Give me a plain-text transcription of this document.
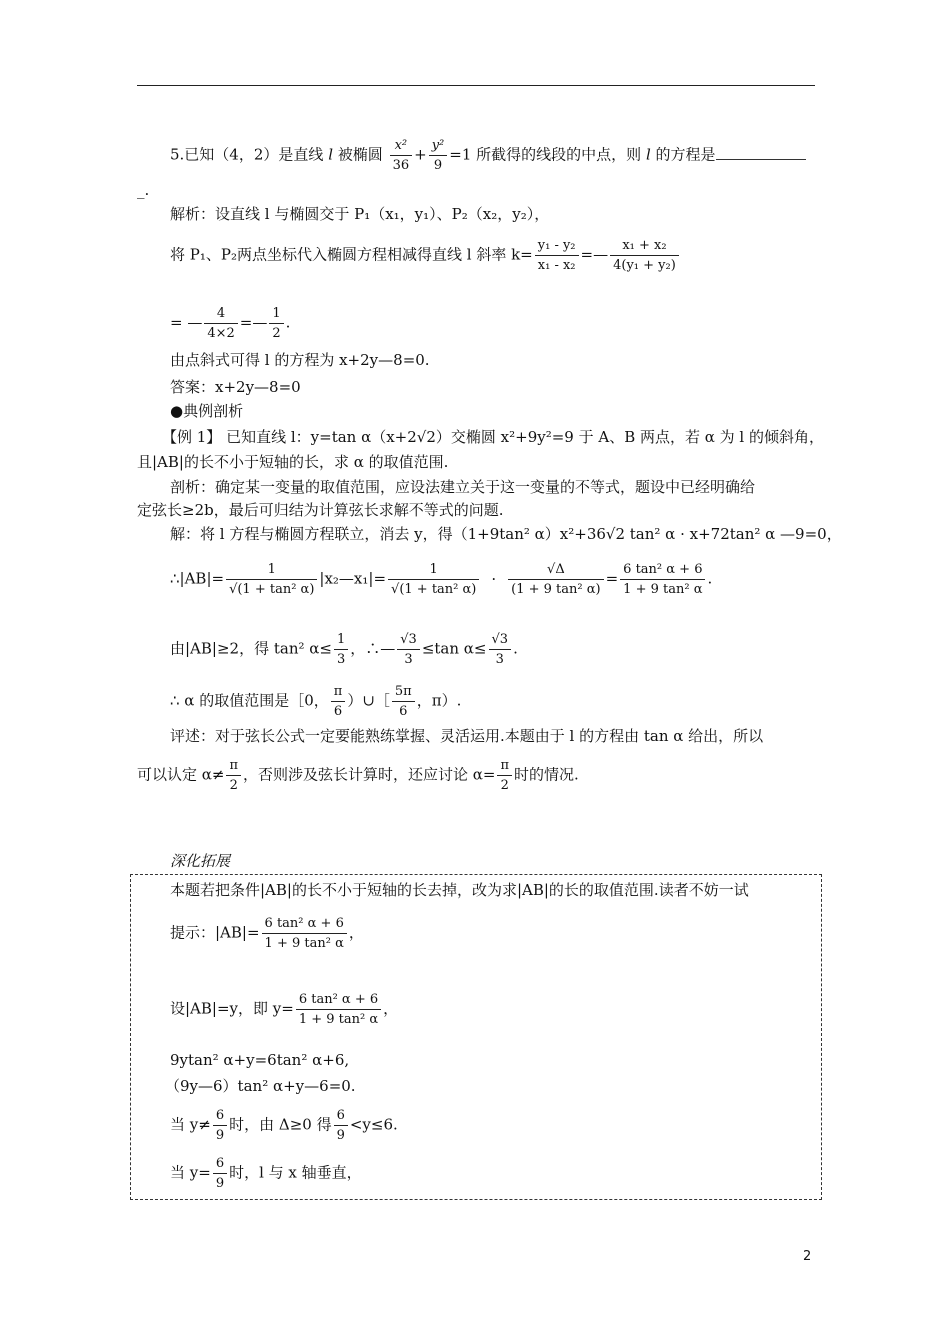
5.已知（4，2）是直线 l 被椭圆 $\frac{\text{x²}}{36} + \frac{\text{y²}}{9} =1$ 所截得的线段的中点，则 l 的方程是
_.
解析：设直线 l 与椭圆交于 P₁（x₁，y₁）、P₂（x₂，y₂），
将 P₁、P₂两点坐标代入椭圆方程相减得直线 l 斜率 $k= \frac{\text{y₁ - y₂}}{\text{x₁ - x₂}}$ =— $\frac{\text{x₁ + x₂}}{\text{4(y₁ + y₂)}}$
= — $\frac{4}{4\times 2}$ =— $\frac{1}{2}$ .
由点斜式可得 l 的方程为 x+2y—8=0.
答案：x+2y—8=0
●典例剖析
【例 1】 已知直线 l：y=tan α（x+2√2）交椭圆 x²+9y²=9 于 A、B 两点，若 α 为 l 的倾斜角，
且|AB|的长不小于短轴的长，求 α 的取值范围.
剖析：确定某一变量的取值范围，应设法建立关于这一变量的不等式，题设中已经明确给
定弦长≥2b，最后可归结为计算弦长求解不等式的问题.
解：将 l 方程与椭圆方程联立，消去 y，得（1+9tan² α）x²+36√2 tan² α · x+72tan² α —9=0，
∴|AB|= $\frac{1}{\text{√(1 + tan² α)}}$ |x₂—x₁|= $\frac{1}{\text{√(1 + tan² α)}} \cdot \frac{√\Delta}{\text{(1 + 9 tan² α)}} = \frac{\text{6 tan² α + 6}}{\text{1 + 9 tan² α}}$ .
由|AB|≥2，得 tan² $\alpha\le \frac{1}{3}$ ，∴— $\frac{√3}{3} \le\tan$ $\alpha\le \frac{√3}{3}$ .
∴ α 的取值范围是［0， $\frac{\pi}{6}$ ）∪［ $\frac{5\pi}{6}$ ，π）.
评述：对于弦长公式一定要能熟练掌握、灵活运用.本题由于 l 的方程由 tan α 给出，所以
可以认定 $\alpha\ne \frac{\pi}{2}$ ，否则涉及弦长计算时，还应讨论 $\alpha= \frac{\pi}{2}$ 时的情况.
深化拓展
本题若把条件|AB|的长不小于短轴的长去掉，改为求|AB|的长的取值范围.读者不妨一试
提示：$|AB|= \frac{\text{6 tan² α + 6}}{\text{1 + 9 tan² α}}$ ，
设|AB|=y，即 $y= \frac{\text{6 tan² α + 6}}{\text{1 + 9 tan² α}}$ ，
9ytan² α+y=6tan² α+6,
（9y—6）tan² α+y—6=0.
当 $y\ne \frac{6}{9}$ 时，由 Δ≥0 得 $\frac{6}{9} <y\le 6$.
当 $y= \frac{6}{9}$ 时，l 与 x 轴垂直，
2
